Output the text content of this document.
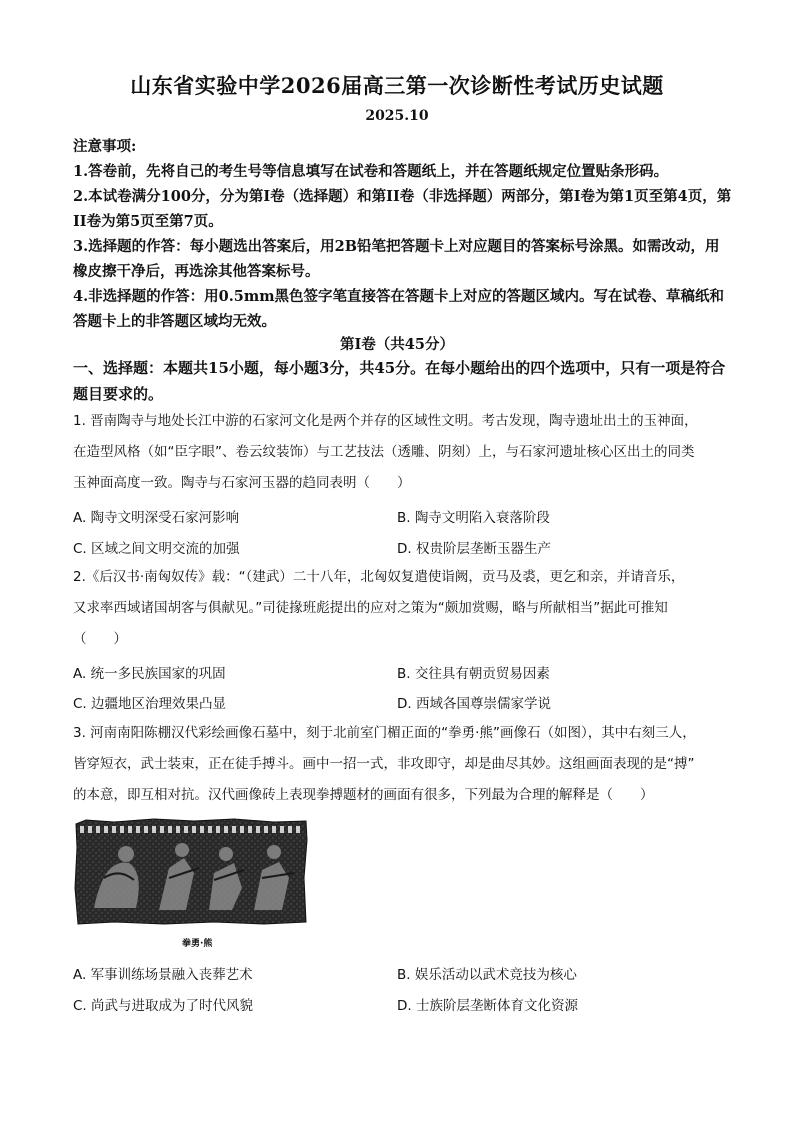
山东省实验中学2026届高三第一次诊断性考试历史试题
2025.10

注意事项:

1.答卷前，先将自己的考生号等信息填写在试卷和答题纸上，并在答题纸规定位置贴条形码。

2.本试卷满分100分，分为第Ⅰ卷（选择题）和第II卷（非选择题）两部分，第Ⅰ卷为第1页至第4页，第II卷为第5页至第7页。

3.选择题的作答：每小题选出答案后，用2B铅笔把答题卡上对应题目的答案标号涂黑。如需改动，用橡皮擦干净后，再选涂其他答案标号。

4.非选择题的作答：用0.5mm黑色签字笔直接答在答题卡上对应的答题区域内。写在试卷、草稿纸和答题卡上的非答题区域均无效。

第Ⅰ卷（共45分）
一、选择题：本题共15小题，每小题3分，共45分。在每小题给出的四个选项中，只有一项是符合题目要求的。

1. 晋南陶寺与地处长江中游的石家河文化是两个并存的区域性文明。考古发现，陶寺遗址出土的玉神面，

在造型风格（如“臣字眼”、卷云纹装饰）与工艺技法（透雕、阴刻）上，与石家河遗址核心区出土的同类

玉神面高度一致。陶寺与石家河玉器的趋同表明（　　）

A. 陶寺文明深受石家河影响	B. 陶寺文明陷入衰落阶段
C. 区域之间文明交流的加强	D. 权贵阶层垄断玉器生产

2.《后汉书·南匈奴传》载：“（建武）二十八年，北匈奴复遣使诣阙，贡马及裘，更乞和亲，并请音乐，

又求率西域诸国胡客与俱献见。”司徒掾班彪提出的应对之策为“颇加赏赐，略与所献相当”据此可推知

（　　）

A. 统一多民族国家的巩固	B. 交往具有朝贡贸易因素
C. 边疆地区治理效果凸显	D. 西域各国尊崇儒家学说

3. 河南南阳陈棚汉代彩绘画像石墓中，刻于北前室门楣正面的“拳勇·熊”画像石（如图），其中右刻三人，

皆穿短衣，武士装束，正在徒手搏斗。画中一招一式，非攻即守，却是曲尽其妙。这组画面表现的是“搏”

的本意，即互相对抗。汉代画像砖上表现拳搏题材的画面有很多，下列最为合理的解释是（　　）

拳勇·熊
A. 军事训练场景融入丧葬艺术	B. 娱乐活动以武术竞技为核心
C. 尚武与进取成为了时代风貌	D. 士族阶层垄断体育文化资源
